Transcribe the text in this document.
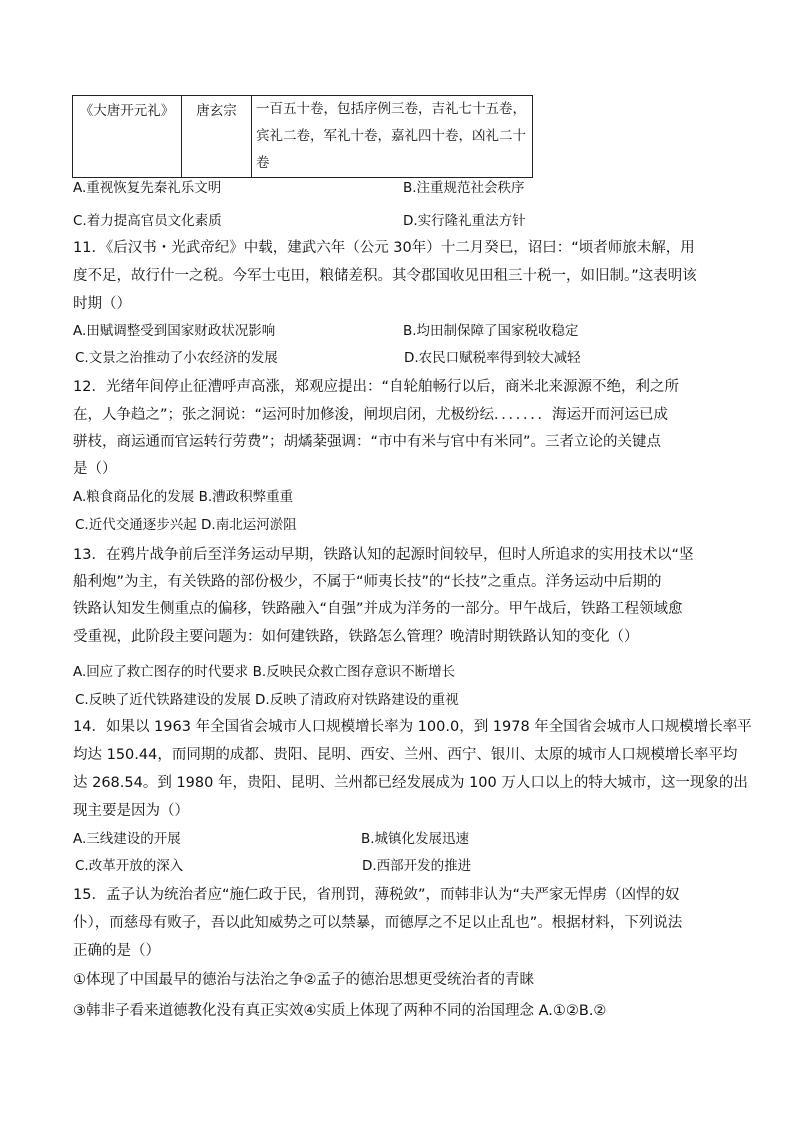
《大唐开元礼》	唐玄宗	一百五十卷，包括序例三卷，吉礼七十五卷，
宾礼二卷，军礼十卷，嘉礼四十卷，凶礼二十
卷
A.重视恢复先秦礼乐文明	B.注重规范社会秩序
C.着力提高官员文化素质	D.实行隆礼重法方针
11．《后汉书・光武帝纪》中载，建武六年（公元 30年）十二月癸巳，诏曰：“顷者师旅未解，用
度不足，故行什一之税。今军士屯田，粮储差积。其令郡国收见田租三十税一，如旧制。”这表明该
时期（）
A.田赋调整受到国家财政状况影响	B.均田制保障了国家税收稳定
C.文景之治推动了小农经济的发展	D.农民口赋税率得到较大减轻
12．光绪年间停止征漕呼声高涨，郑观应提出：“自轮舶畅行以后，商米北来源源不绝，利之所
在，人争趋之”；张之洞说：“运河时加修浚，闸坝启闭，尤极纷纭．．．．．．．海运开而河运已成
骈枝，商运通而官运转行劳费”；胡燏棻强调：“市中有米与官中有米同”。三者立论的关键点
是（）
A.粮食商品化的发展 B.漕政积弊重重
C.近代交通逐步兴起 D.南北运河淤阻
13．在鸦片战争前后至洋务运动早期，铁路认知的起源时间较早，但时人所追求的实用技术以“坚
船利炮”为主，有关铁路的部份极少，不属于“师夷长技”的“长技”之重点。洋务运动中后期的
铁路认知发生侧重点的偏移，铁路融入“自强”并成为洋务的一部分。甲午战后，铁路工程领域愈
受重视，此阶段主要问题为：如何建铁路，铁路怎么管理？晚清时期铁路认知的变化（）
A.回应了救亡图存的时代要求 B.反映民众救亡图存意识不断增长
C.反映了近代铁路建设的发展 D.反映了清政府对铁路建设的重视
14．如果以 1963 年全国省会城市人口规模增长率为 100.0，到 1978 年全国省会城市人口规模增长率平
均达 150.44，而同期的成都、贵阳、昆明、西安、兰州、西宁、银川、太原的城市人口规模增长率平均
达 268.54。到 1980 年，贵阳、昆明、兰州都已经发展成为 100 万人口以上的特大城市，这一现象的出
现主要是因为（）
A.三线建设的开展	B.城镇化发展迅速
C.改革开放的深入	D.西部开发的推进
15．孟子认为统治者应“施仁政于民，省刑罚，薄税敛”，而韩非认为“夫严家无悍虏（凶悍的奴
仆），而慈母有败子，吾以此知威势之可以禁暴，而德厚之不足以止乱也”。根据材料，下列说法
正确的是（）
①体现了中国最早的德治与法治之争②孟子的德治思想更受统治者的青睐
③韩非子看来道德教化没有真正实效④实质上体现了两种不同的治国理念 A.①②B.②
